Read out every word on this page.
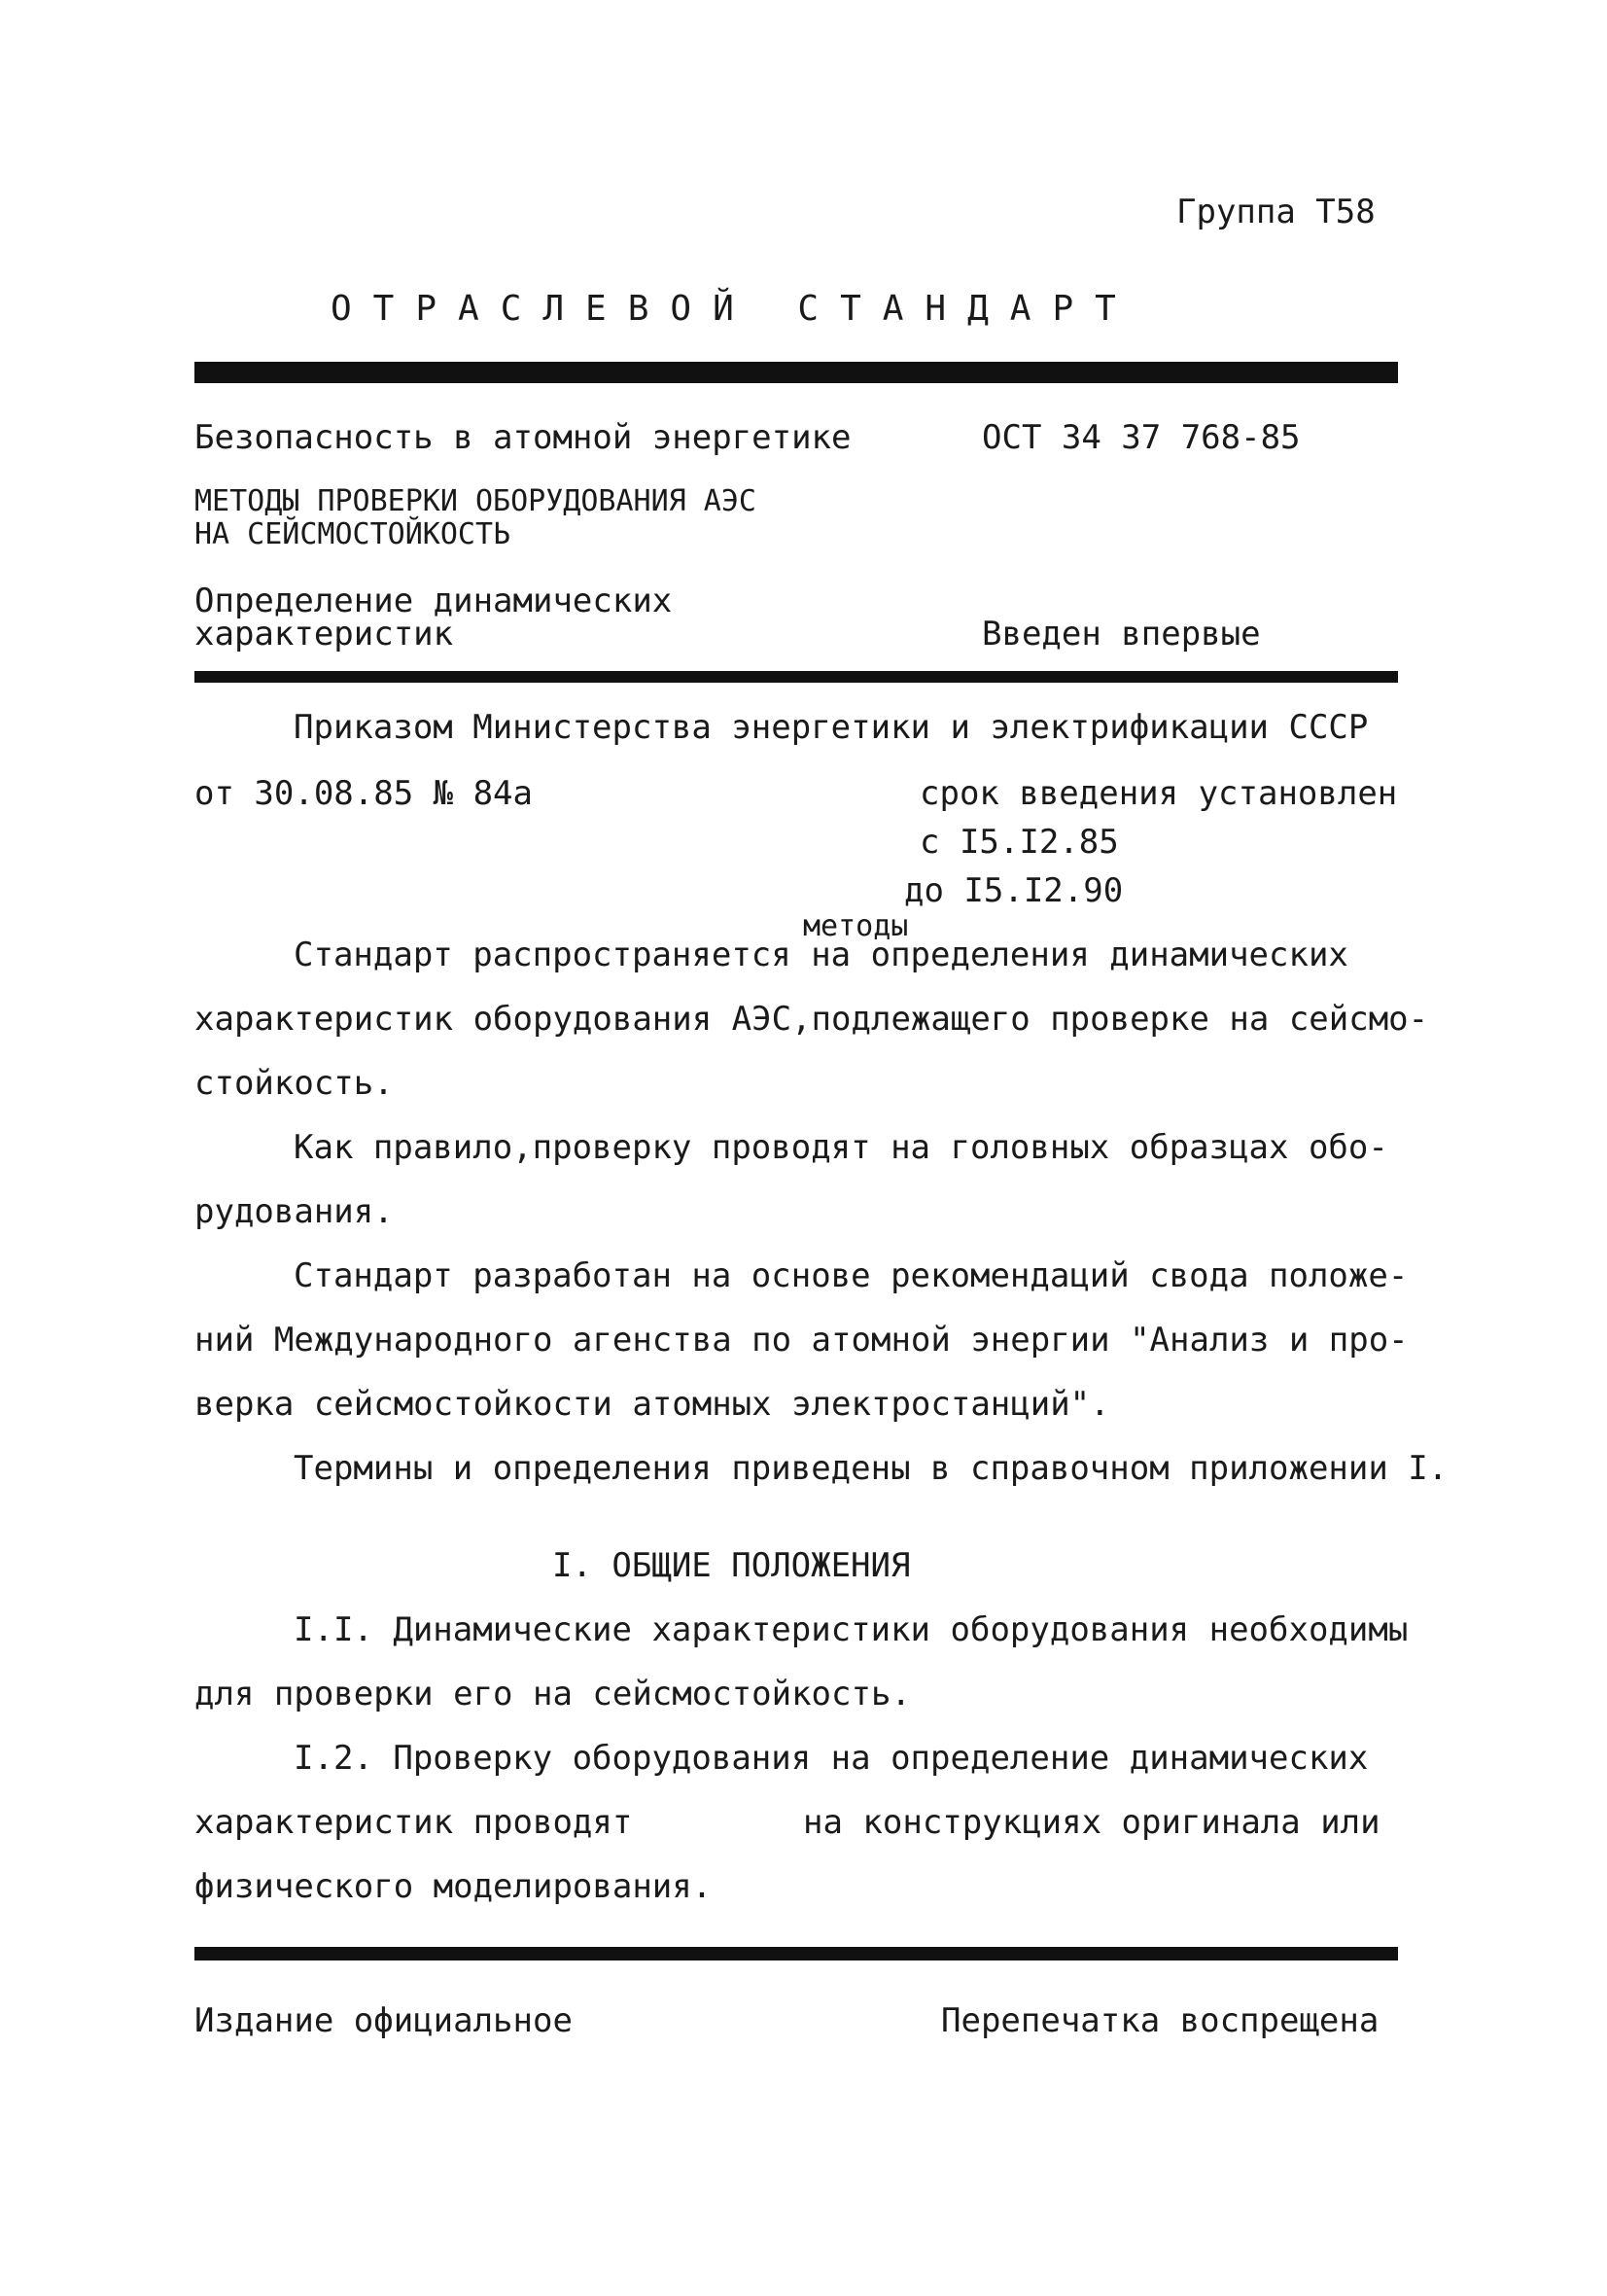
Группа Т58
ОТРАСЛЕВОЙ СТАНДАРТ
Безопасность в атомной энергетике	ОСТ 34 37 768-85
МЕТОДЫ ПРОВЕРКИ ОБОРУДОВАНИЯ АЭС
НА СЕЙСМОСТОЙКОСТЬ
Определение динамических
характеристик	Введен впервые
Приказом Министерства энергетики и электрификации СССР
от 30.08.85 № 84а	срок введения установлен
с I5.I2.85
до I5.I2.90
методы
Стандарт распространяется на определения динамических
характеристик оборудования АЭС,подлежащего проверке на сейсмо-
стойкость.
Как правило,проверку проводят на головных образцах обо-
рудования.
Стандарт разработан на основе рекомендаций свода положе-
ний Международного агенства по атомной энергии "Анализ и про-
верка сейсмостойкости атомных электростанций".
Термины и определения приведены в справочном приложении I.
I. ОБЩИЕ ПОЛОЖЕНИЯ
I.I. Динамические характеристики оборудования необходимы
для проверки его на сейсмостойкость.
I.2. Проверку оборудования на определение динамических
характеристик проводят	на конструкциях оригинала или
физического моделирования.
Издание официальное	Перепечатка воспрещена
